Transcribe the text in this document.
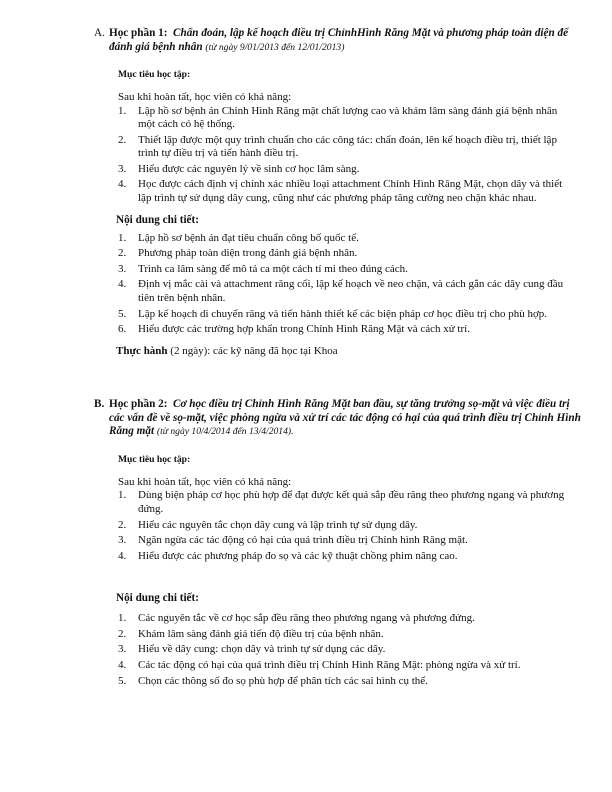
A. Học phần 1: Chẩn đoán, lập kế hoạch điều trị ChỉnhHình Răng Mặt và phương pháp toàn diện để đánh giá bệnh nhân (từ ngày 9/01/2013 đến 12/01/2013)
Mục tiêu học tập:
Sau khi hoàn tất, học viên có khả năng:
1. Lập hồ sơ bệnh án Chỉnh Hình Răng mặt chất lượng cao và khám lâm sàng đánh giá bệnh nhân một cách có hệ thống.
2. Thiết lập được một quy trình chuẩn cho các công tác: chẩn đoán, lên kế hoạch điều trị, thiết lập trình tự điều trị và tiến hành điều trị.
3. Hiểu được các nguyên lý về sinh cơ học lâm sàng.
4. Học được cách định vị chính xác nhiều loại attachment Chỉnh Hình Răng Mặt, chọn dây và thiết lập trình tự sử dụng dây cung, cũng như các phương pháp tăng cường neo chặn khác nhau.
Nội dung chi tiết:
1. Lập hồ sơ bệnh án đạt tiêu chuẩn công bố quốc tế.
2. Phương pháp toàn diện trong đánh giá bệnh nhân.
3. Trình ca lâm sàng để mô tả ca một cách tỉ mỉ theo đúng cách.
4. Định vị mắc cài và attachment răng cối, lập kế hoạch về neo chặn, và cách gắn các dây cung đầu tiên trên bệnh nhân.
5. Lập kế hoạch di chuyển răng và tiến hành thiết kế các biện pháp cơ học điều trị cho phù hợp.
6. Hiểu được các trường hợp khẩn trong Chỉnh Hình Răng Mặt và cách xử trí.
Thực hành (2 ngày): các kỹ năng đã học tại Khoa
B. Học phần 2: Cơ học điều trị Chỉnh Hình Răng Mặt ban đầu, sự tăng trưởng sọ-mặt và việc điều trị các vấn đề về sọ-mặt, việc phòng ngừa và xử trí các tác động có hại của quá trình điều trị Chỉnh Hình Răng mặt (từ ngày 10/4/2014 đến 13/4/2014).
Mục tiêu học tập:
Sau khi hoàn tất, học viên có khả năng:
1. Dùng biện pháp cơ học phù hợp để đạt được kết quả sắp đều răng theo phương ngang và phương đứng.
2. Hiểu các nguyên tắc chọn dây cung và lập trình tự sử dụng dây.
3. Ngăn ngừa các tác động có hại của quá trình điều trị Chỉnh hình Răng mặt.
4. Hiểu được các phương pháp đo sọ và các kỹ thuật chồng phim nâng cao.
Nội dung chi tiết:
1. Các nguyên tắc về cơ học sắp đều răng theo phương ngang và phương đứng.
2. Khám lâm sàng đánh giá tiến độ điều trị của bệnh nhân.
3. Hiểu về dây cung: chọn dây và trình tự sử dụng các dây.
4. Các tác động có hại của quá trình điều trị Chỉnh Hình Răng Mặt: phòng ngừa và xử trí.
5. Chọn các thông số đo sọ phù hợp để phân tích các sai hình cụ thể.
